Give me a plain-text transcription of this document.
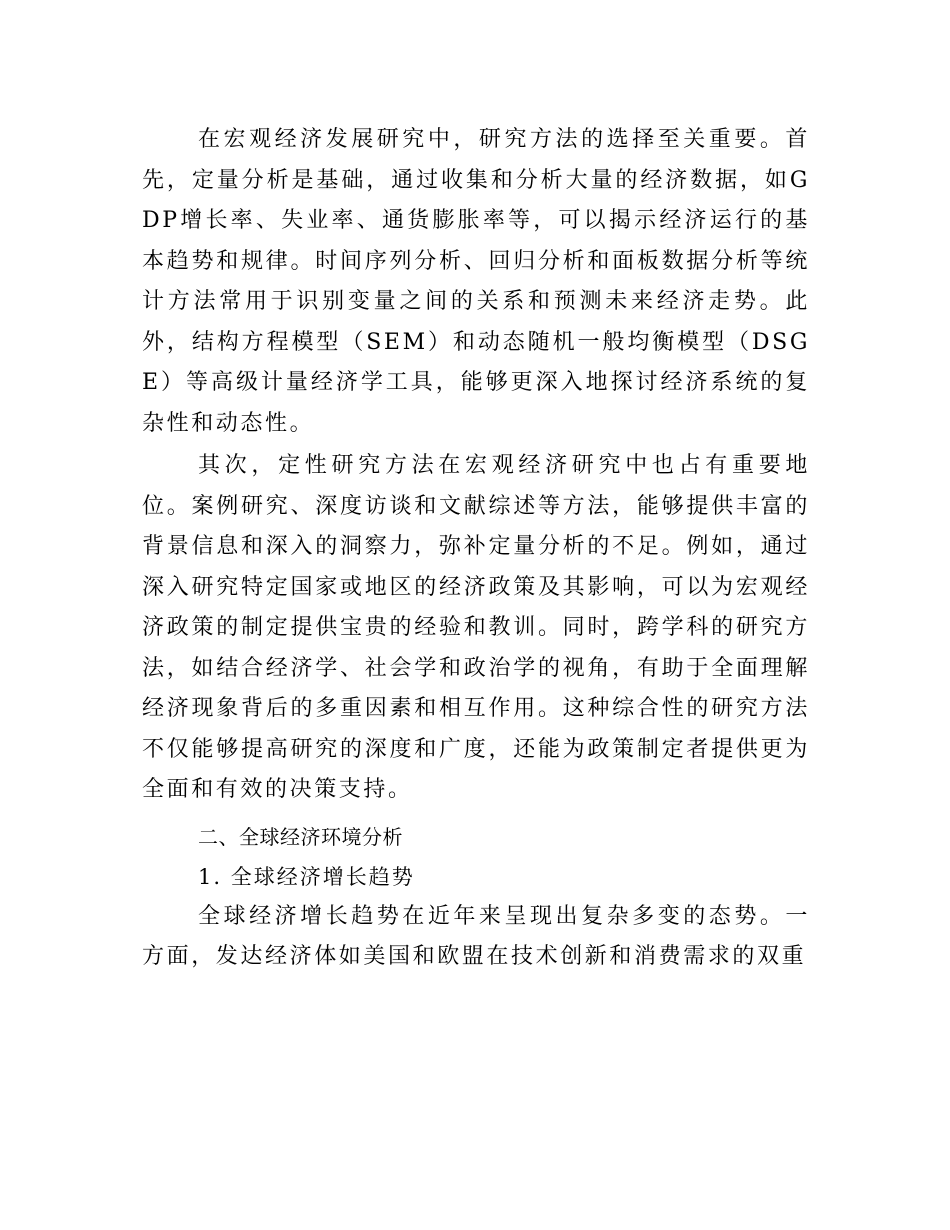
在宏观经济发展研究中，研究方法的选择至关重要。首先，定量分析是基础，通过收集和分析大量的经济数据，如GDP增长率、失业率、通货膨胀率等，可以揭示经济运行的基本趋势和规律。时间序列分析、回归分析和面板数据分析等统计方法常用于识别变量之间的关系和预测未来经济走势。此外，结构方程模型（SEM）和动态随机一般均衡模型（DSGE）等高级计量经济学工具，能够更深入地探讨经济系统的复杂性和动态性。

其次，定性研究方法在宏观经济研究中也占有重要地位。案例研究、深度访谈和文献综述等方法，能够提供丰富的背景信息和深入的洞察力，弥补定量分析的不足。例如，通过深入研究特定国家或地区的经济政策及其影响，可以为宏观经济政策的制定提供宝贵的经验和教训。同时，跨学科的研究方法，如结合经济学、社会学和政治学的视角，有助于全面理解经济现象背后的多重因素和相互作用。这种综合性的研究方法不仅能够提高研究的深度和广度，还能为政策制定者提供更为全面和有效的决策支持。

二、全球经济环境分析
1. 全球经济增长趋势

全球经济增长趋势在近年来呈现出复杂多变的态势。一方面，发达经济体如美国和欧盟在技术创新和消费需求的双重
